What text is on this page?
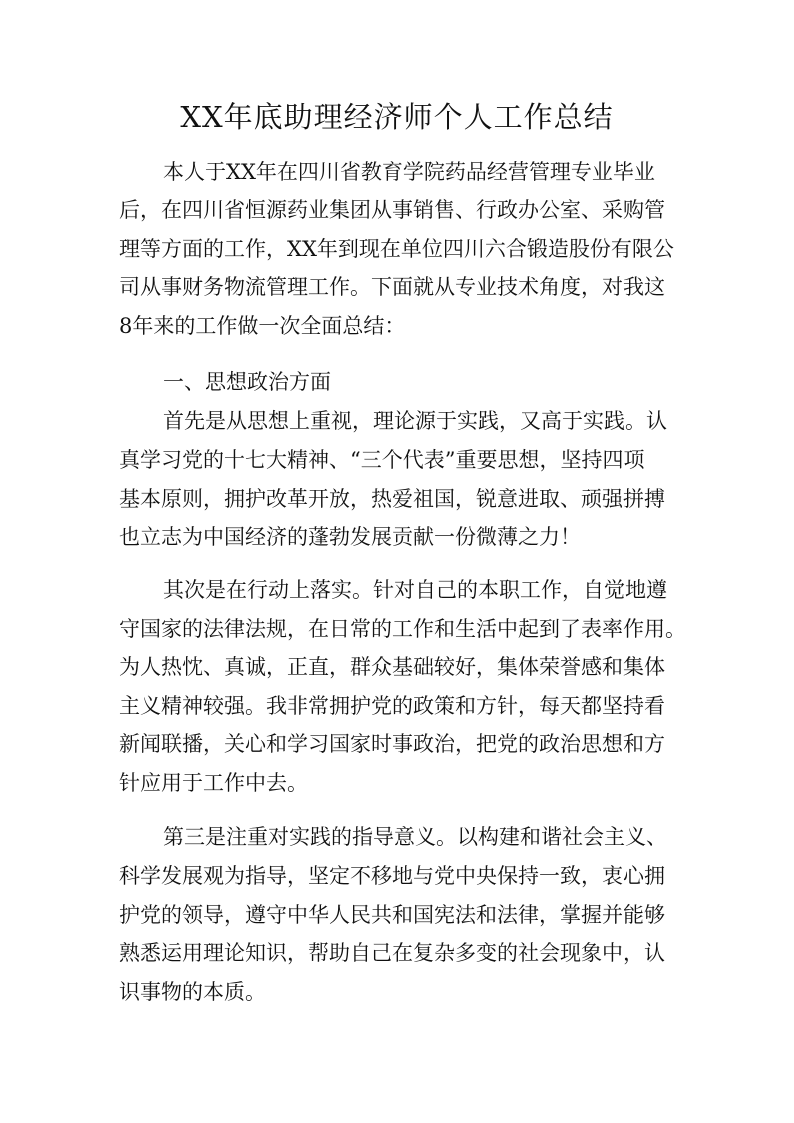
XX年底助理经济师个人工作总结
本人于XX年在四川省教育学院药品经营管理专业毕业
后，在四川省恒源药业集团从事销售、行政办公室、采购管
理等方面的工作，XX年到现在单位四川六合锻造股份有限公
司从事财务物流管理工作。下面就从专业技术角度，对我这
8年来的工作做一次全面总结：
一、思想政治方面
首先是从思想上重视，理论源于实践，又高于实践。认
真学习党的十七大精神、“三个代表”重要思想，坚持四项
基本原则，拥护改革开放，热爱祖国，锐意进取、顽强拼搏
也立志为中国经济的蓬勃发展贡献一份微薄之力！
其次是在行动上落实。针对自己的本职工作，自觉地遵
守国家的法律法规，在日常的工作和生活中起到了表率作用。
为人热忱、真诚，正直，群众基础较好，集体荣誉感和集体
主义精神较强。我非常拥护党的政策和方针，每天都坚持看
新闻联播，关心和学习国家时事政治，把党的政治思想和方
针应用于工作中去。
第三是注重对实践的指导意义。以构建和谐社会主义、
科学发展观为指导，坚定不移地与党中央保持一致，衷心拥
护党的领导，遵守中华人民共和国宪法和法律，掌握并能够
熟悉运用理论知识，帮助自己在复杂多变的社会现象中，认
识事物的本质。
